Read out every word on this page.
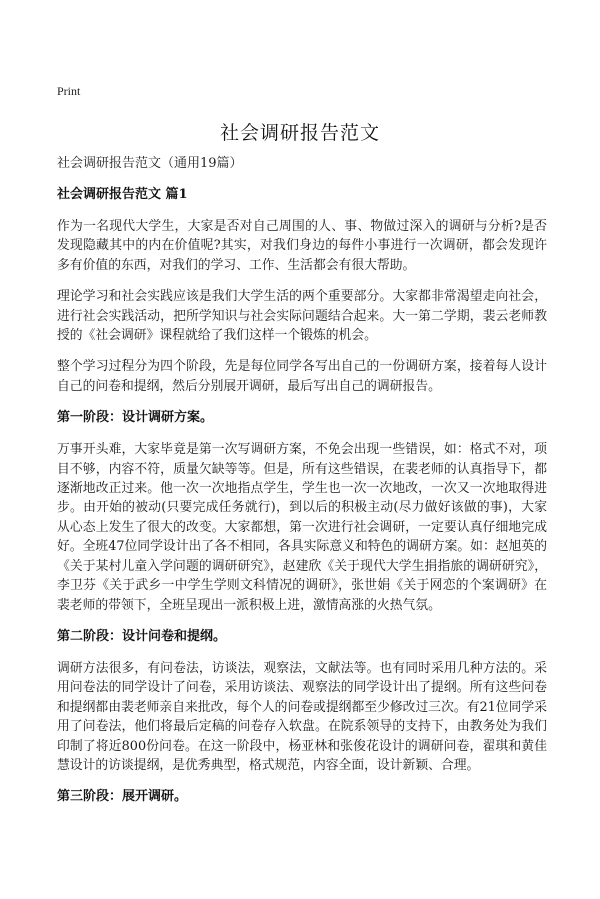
Print
社会调研报告范文
社会调研报告范文（通用19篇）
社会调研报告范文 篇1

作为一名现代大学生，大家是否对自己周围的人、事、物做过深入的调研与分析?是否发现隐藏其中的内在价值呢?其实，对我们身边的每件小事进行一次调研，都会发现许多有价值的东西，对我们的学习、工作、生活都会有很大帮助。

理论学习和社会实践应该是我们大学生活的两个重要部分。大家都非常渴望走向社会，进行社会实践活动，把所学知识与社会实际问题结合起来。大一第二学期，裴云老师教授的《社会调研》课程就给了我们这样一个锻炼的机会。

整个学习过程分为四个阶段，先是每位同学各写出自己的一份调研方案，接着每人设计自己的问卷和提纲，然后分别展开调研，最后写出自己的调研报告。

第一阶段：设计调研方案。

万事开头难，大家毕竟是第一次写调研方案，不免会出现一些错误，如：格式不对，项目不够，内容不符，质量欠缺等等。但是，所有这些错误，在裴老师的认真指导下，都逐渐地改正过来。他一次一次地指点学生，学生也一次一次地改，一次又一次地取得进步。由开始的被动(只要完成任务就行)，到以后的积极主动(尽力做好该做的事)，大家从心态上发生了很大的改变。大家都想，第一次进行社会调研，一定要认真仔细地完成好。全班47位同学设计出了各不相同，各具实际意义和特色的调研方案。如：赵旭英的《关于某村儿童入学问题的调研研究》，赵建欣《关于现代大学生捐指旅的调研研究》，李卫芬《关于武乡一中学生学则文科情况的调研》，张世娟《关于网恋的个案调研》在裴老师的带领下，全班呈现出一派积极上进，激情高涨的火热气氛。

第二阶段：设计问卷和提纲。

调研方法很多，有问卷法，访谈法，观察法，文献法等。也有同时采用几种方法的。采用问卷法的同学设计了问卷，采用访谈法、观察法的同学设计出了提纲。所有这些问卷和提纲都由裴老师亲自来批改，每个人的问卷或提纲都至少修改过三次。有21位同学采用了问卷法，他们将最后定稿的问卷存入软盘。在院系领导的支持下，由教务处为我们印制了将近800份问卷。在这一阶段中，杨亚林和张俊花设计的调研问卷，翟琪和黄佳慧设计的访谈提纲，是优秀典型，格式规范，内容全面，设计新颖、合理。

第三阶段：展开调研。
